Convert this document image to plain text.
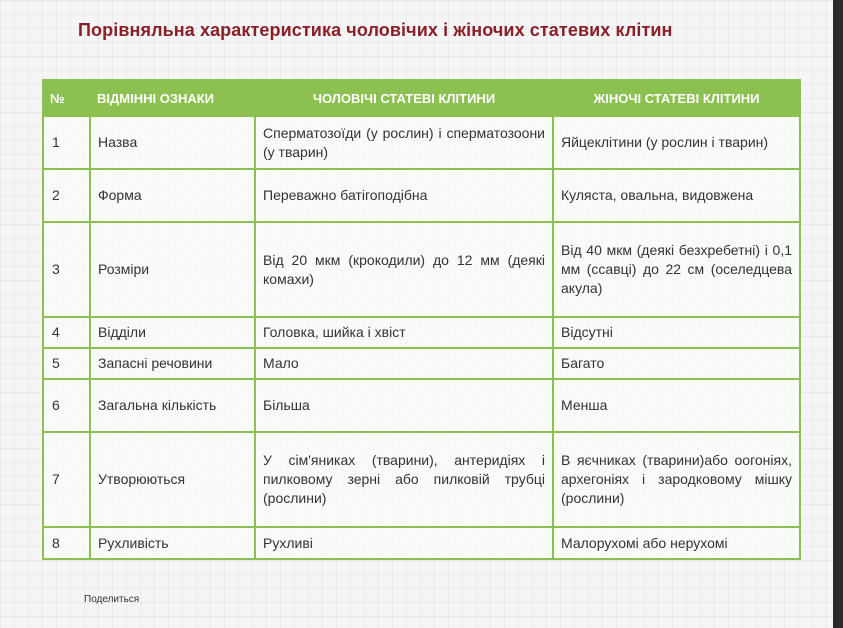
Порівняльна характеристика чоловічих і жіночих статевих клітин
№	ВІДМІННІ ОЗНАКИ	ЧОЛОВІЧІ СТАТЕВІ КЛІТИНИ	ЖІНОЧІ СТАТЕВІ КЛІТИНИ
1	Назва	Сперматозоїди (у рослин) і сперматозоони (у тварин)	Яйцеклітини (у рослин і тварин)
2	Форма	Переважно батігоподібна	Куляста, овальна, видовжена
3	Розміри	Від 20 мкм (крокодили) до 12 мм (деякі комахи)	Від 40 мкм (деякі безхребетні) і 0,1 мм (ссавці) до 22 см (оселедцева акула)
4	Відділи	Головка, шийка і хвіст	Відсутні
5	Запасні речовини	Мало	Багато
6	Загальна кількість	Більша	Менша
7	Утворюються	У сім'яниках (тварини), антеридіях і пилковому зерні або пилковій трубці (рослини)	В яєчниках (тварини)або оогоніях, архегоніях і зародковому мішку (рослини)
8	Рухливість	Рухливі	Малорухомі або нерухомі
Поделиться
